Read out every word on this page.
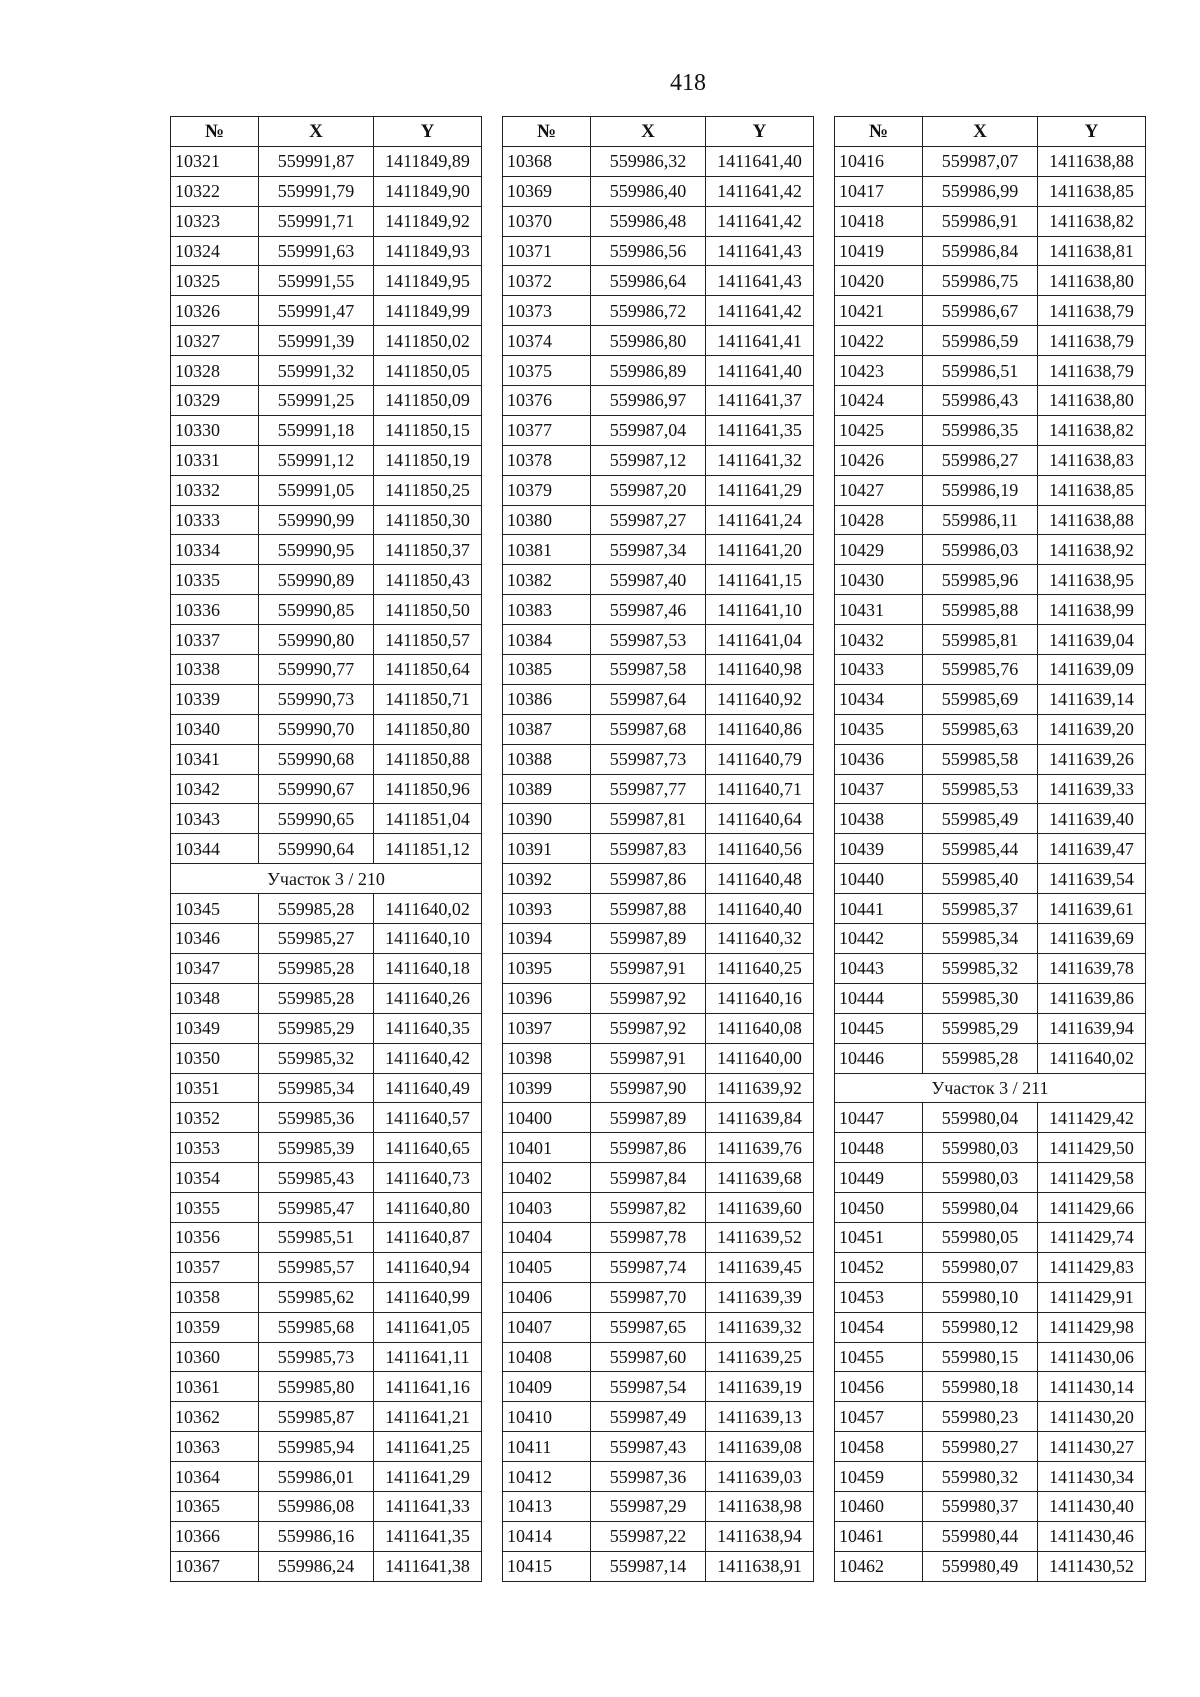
418
№	X	Y
10321	559991,87	1411849,89
10322	559991,79	1411849,90
10323	559991,71	1411849,92
10324	559991,63	1411849,93
10325	559991,55	1411849,95
10326	559991,47	1411849,99
10327	559991,39	1411850,02
10328	559991,32	1411850,05
10329	559991,25	1411850,09
10330	559991,18	1411850,15
10331	559991,12	1411850,19
10332	559991,05	1411850,25
10333	559990,99	1411850,30
10334	559990,95	1411850,37
10335	559990,89	1411850,43
10336	559990,85	1411850,50
10337	559990,80	1411850,57
10338	559990,77	1411850,64
10339	559990,73	1411850,71
10340	559990,70	1411850,80
10341	559990,68	1411850,88
10342	559990,67	1411850,96
10343	559990,65	1411851,04
10344	559990,64	1411851,12
Участок 3 / 210		
10345	559985,28	1411640,02
10346	559985,27	1411640,10
10347	559985,28	1411640,18
10348	559985,28	1411640,26
10349	559985,29	1411640,35
10350	559985,32	1411640,42
10351	559985,34	1411640,49
10352	559985,36	1411640,57
10353	559985,39	1411640,65
10354	559985,43	1411640,73
10355	559985,47	1411640,80
10356	559985,51	1411640,87
10357	559985,57	1411640,94
10358	559985,62	1411640,99
10359	559985,68	1411641,05
10360	559985,73	1411641,11
10361	559985,80	1411641,16
10362	559985,87	1411641,21
10363	559985,94	1411641,25
10364	559986,01	1411641,29
10365	559986,08	1411641,33
10366	559986,16	1411641,35
10367	559986,24	1411641,38
№	X	Y
10368	559986,32	1411641,40
10369	559986,40	1411641,42
10370	559986,48	1411641,42
10371	559986,56	1411641,43
10372	559986,64	1411641,43
10373	559986,72	1411641,42
10374	559986,80	1411641,41
10375	559986,89	1411641,40
10376	559986,97	1411641,37
10377	559987,04	1411641,35
10378	559987,12	1411641,32
10379	559987,20	1411641,29
10380	559987,27	1411641,24
10381	559987,34	1411641,20
10382	559987,40	1411641,15
10383	559987,46	1411641,10
10384	559987,53	1411641,04
10385	559987,58	1411640,98
10386	559987,64	1411640,92
10387	559987,68	1411640,86
10388	559987,73	1411640,79
10389	559987,77	1411640,71
10390	559987,81	1411640,64
10391	559987,83	1411640,56
10392	559987,86	1411640,48
10393	559987,88	1411640,40
10394	559987,89	1411640,32
10395	559987,91	1411640,25
10396	559987,92	1411640,16
10397	559987,92	1411640,08
10398	559987,91	1411640,00
10399	559987,90	1411639,92
10400	559987,89	1411639,84
10401	559987,86	1411639,76
10402	559987,84	1411639,68
10403	559987,82	1411639,60
10404	559987,78	1411639,52
10405	559987,74	1411639,45
10406	559987,70	1411639,39
10407	559987,65	1411639,32
10408	559987,60	1411639,25
10409	559987,54	1411639,19
10410	559987,49	1411639,13
10411	559987,43	1411639,08
10412	559987,36	1411639,03
10413	559987,29	1411638,98
10414	559987,22	1411638,94
10415	559987,14	1411638,91
№	X	Y
10416	559987,07	1411638,88
10417	559986,99	1411638,85
10418	559986,91	1411638,82
10419	559986,84	1411638,81
10420	559986,75	1411638,80
10421	559986,67	1411638,79
10422	559986,59	1411638,79
10423	559986,51	1411638,79
10424	559986,43	1411638,80
10425	559986,35	1411638,82
10426	559986,27	1411638,83
10427	559986,19	1411638,85
10428	559986,11	1411638,88
10429	559986,03	1411638,92
10430	559985,96	1411638,95
10431	559985,88	1411638,99
10432	559985,81	1411639,04
10433	559985,76	1411639,09
10434	559985,69	1411639,14
10435	559985,63	1411639,20
10436	559985,58	1411639,26
10437	559985,53	1411639,33
10438	559985,49	1411639,40
10439	559985,44	1411639,47
10440	559985,40	1411639,54
10441	559985,37	1411639,61
10442	559985,34	1411639,69
10443	559985,32	1411639,78
10444	559985,30	1411639,86
10445	559985,29	1411639,94
10446	559985,28	1411640,02
Участок 3 / 211		
10447	559980,04	1411429,42
10448	559980,03	1411429,50
10449	559980,03	1411429,58
10450	559980,04	1411429,66
10451	559980,05	1411429,74
10452	559980,07	1411429,83
10453	559980,10	1411429,91
10454	559980,12	1411429,98
10455	559980,15	1411430,06
10456	559980,18	1411430,14
10457	559980,23	1411430,20
10458	559980,27	1411430,27
10459	559980,32	1411430,34
10460	559980,37	1411430,40
10461	559980,44	1411430,46
10462	559980,49	1411430,52
